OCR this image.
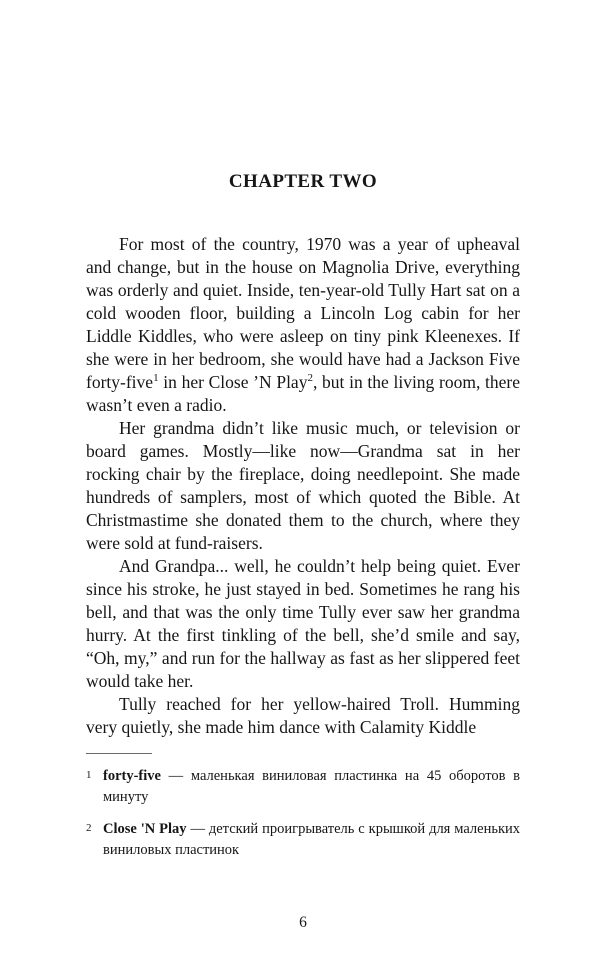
CHAPTER TWO

For most of the country, 1970 was a year of upheaval and change, but in the house on Magnolia Drive, everything was orderly and quiet. Inside, ten-year-old Tully Hart sat on a cold wooden floor, building a Lincoln Log cabin for her Liddle Kiddles, who were asleep on tiny pink Kleenexes. If she were in her bedroom, she would have had a Jackson Five forty-five$^1$ in her Close ’N Play$^2$, but in the living room, there wasn’t even a radio.

Her grandma didn’t like music much, or television or board games. Mostly—like now—Grandma sat in her rocking chair by the fireplace, doing needlepoint. She made hundreds of samplers, most of which quoted the Bible. At Christmastime she donated them to the church, where they were sold at fund-raisers.

And Grandpa... well, he couldn’t help being quiet. Ever since his stroke, he just stayed in bed. Sometimes he rang his bell, and that was the only time Tully ever saw her grandma hurry. At the first tinkling of the bell, she’d smile and say, “Oh, my,” and run for the hallway as fast as her slippered feet would take her.

Tully reached for her yellow-haired Troll. Humming very quietly, she made him dance with Calamity Kiddle

1 forty-five — маленькая виниловая пластинка на 45 оборотов в минуту
2 Close 'N Play — детский проигрыватель с крышкой для маленьких виниловых пластинок
6
